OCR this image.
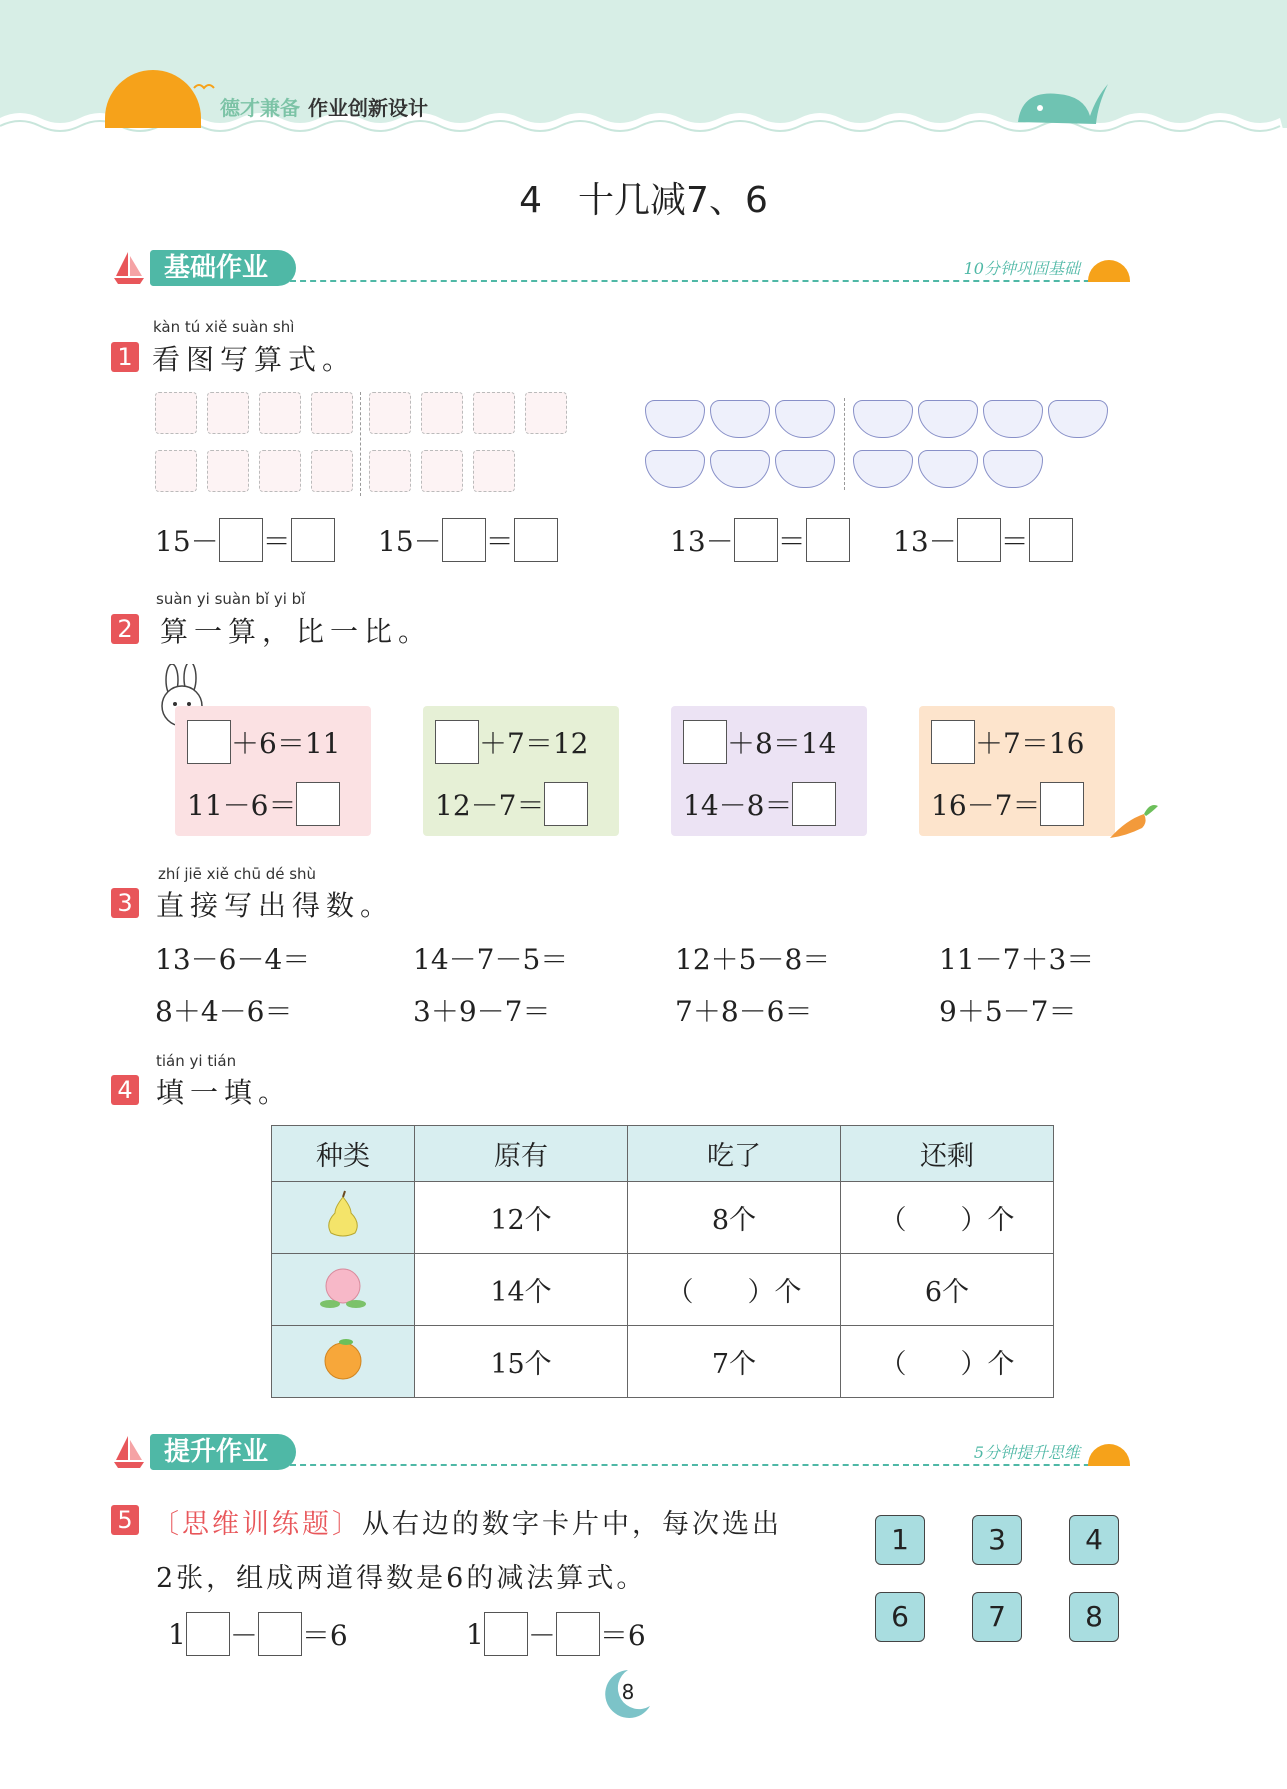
德才兼备 作业创新设计
4　十几减7、6
基础作业	10分钟巩固基础
kàn tú xiě suàn shì
1 看图写算式。
15－ ＝	15－ ＝	13－ ＝	13－ ＝
suàn yi suàn bǐ yi bǐ
2 算一算，比一比。
＋6＝11
11－6＝
＋7＝12
12－7＝
＋8＝14
14－8＝
＋7＝16
16－7＝
zhí jiē xiě chū dé shù
3 直接写出得数。
13－6－4＝	14－7－5＝	12＋5－8＝	11－7＋3＝
8＋4－6＝	3＋9－7＝	7＋8－6＝	9＋5－7＝
tián yi tián
4 填一填。
种类	原有	吃了	还剩
	12个	8个	（　　）个
	14个	（　　）个	6个
	15个	7个	（　　）个
提升作业	5分钟提升思维
5 〔思维训练题〕从右边的数字卡片中，每次选出
2张，组成两道得数是6的减法算式。
1 － ＝6	1 － ＝6
1	3	4
6	7	8
8
